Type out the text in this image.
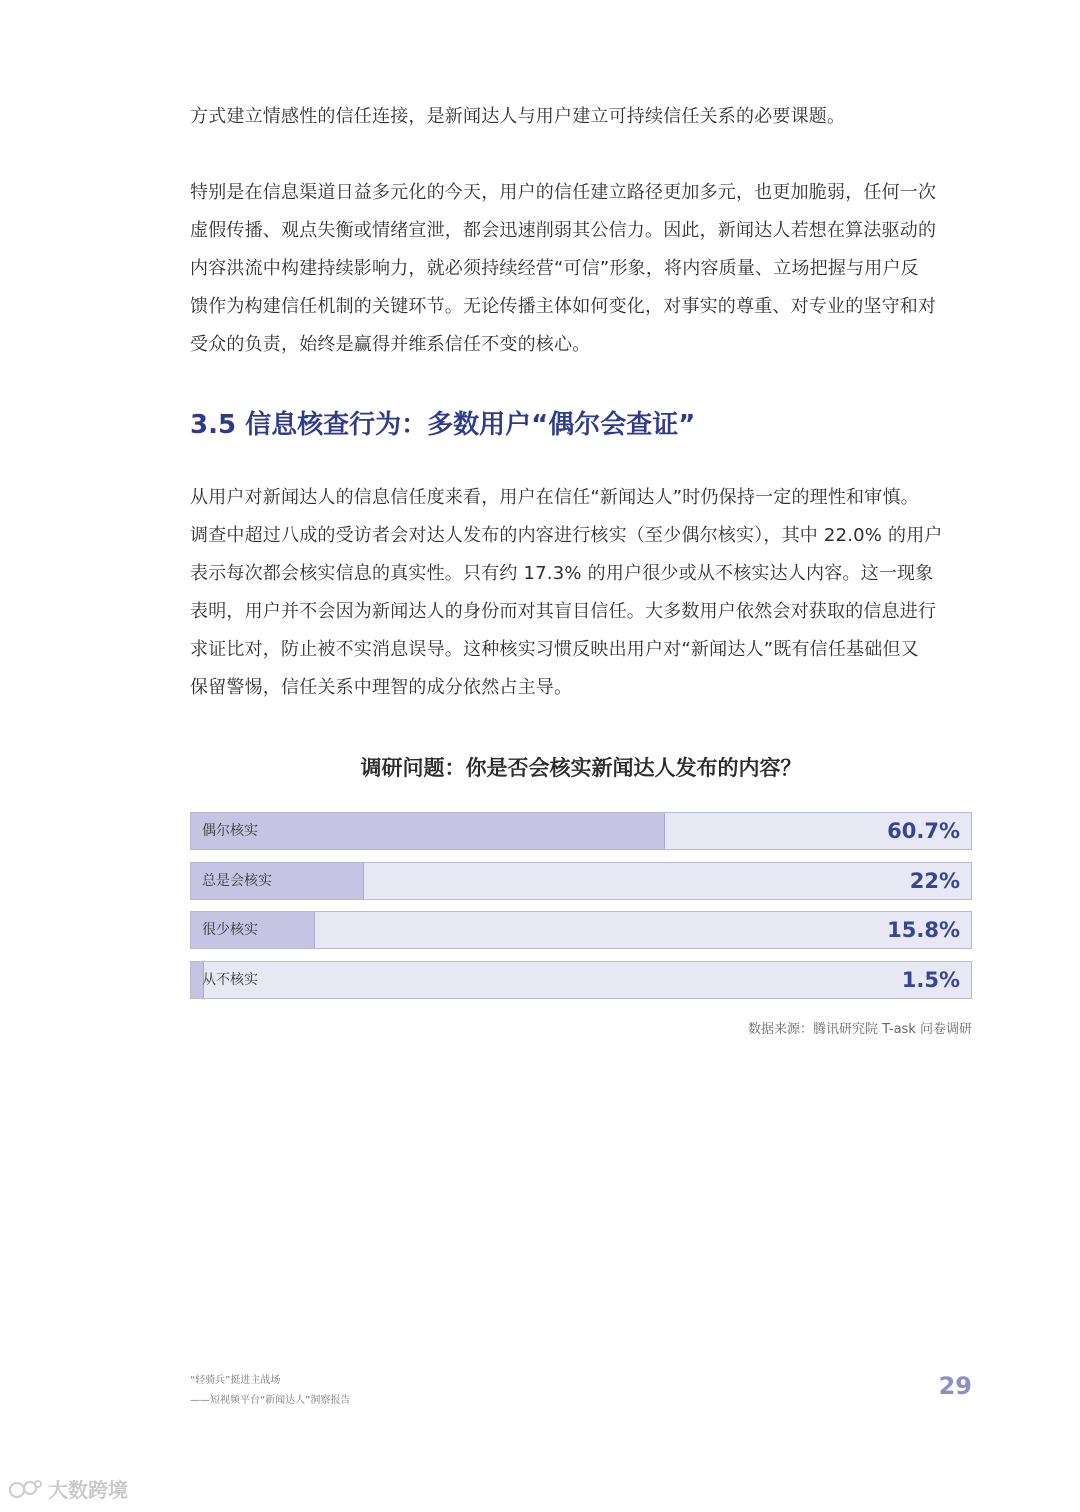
方式建立情感性的信任连接，是新闻达人与用户建立可持续信任关系的必要课题。
特别是在信息渠道日益多元化的今天，用户的信任建立路径更加多元，也更加脆弱，任何一次
虚假传播、观点失衡或情绪宣泄，都会迅速削弱其公信力。因此，新闻达人若想在算法驱动的
内容洪流中构建持续影响力，就必须持续经营“可信”形象，将内容质量、立场把握与用户反
馈作为构建信任机制的关键环节。无论传播主体如何变化，对事实的尊重、对专业的坚守和对
受众的负责，始终是赢得并维系信任不变的核心。
3.5 信息核查行为：多数用户“偶尔会查证”
从用户对新闻达人的信息信任度来看，用户在信任“新闻达人”时仍保持一定的理性和审慎。
调查中超过八成的受访者会对达人发布的内容进行核实（至少偶尔核实），其中 22.0% 的用户
表示每次都会核实信息的真实性。只有约 17.3% 的用户很少或从不核实达人内容。这一现象
表明，用户并不会因为新闻达人的身份而对其盲目信任。大多数用户依然会对获取的信息进行
求证比对，防止被不实消息误导。这种核实习惯反映出用户对“新闻达人”既有信任基础但又
保留警惕，信任关系中理智的成分依然占主导。
调研问题：你是否会核实新闻达人发布的内容？
偶尔核实	60.7%
总是会核实	22%
很少核实	15.8%
从不核实	1.5%
数据来源：腾讯研究院 T-ask 问卷调研
“轻骑兵”挺进主战场
——短视频平台“新闻达人”洞察报告
29
大数跨境
